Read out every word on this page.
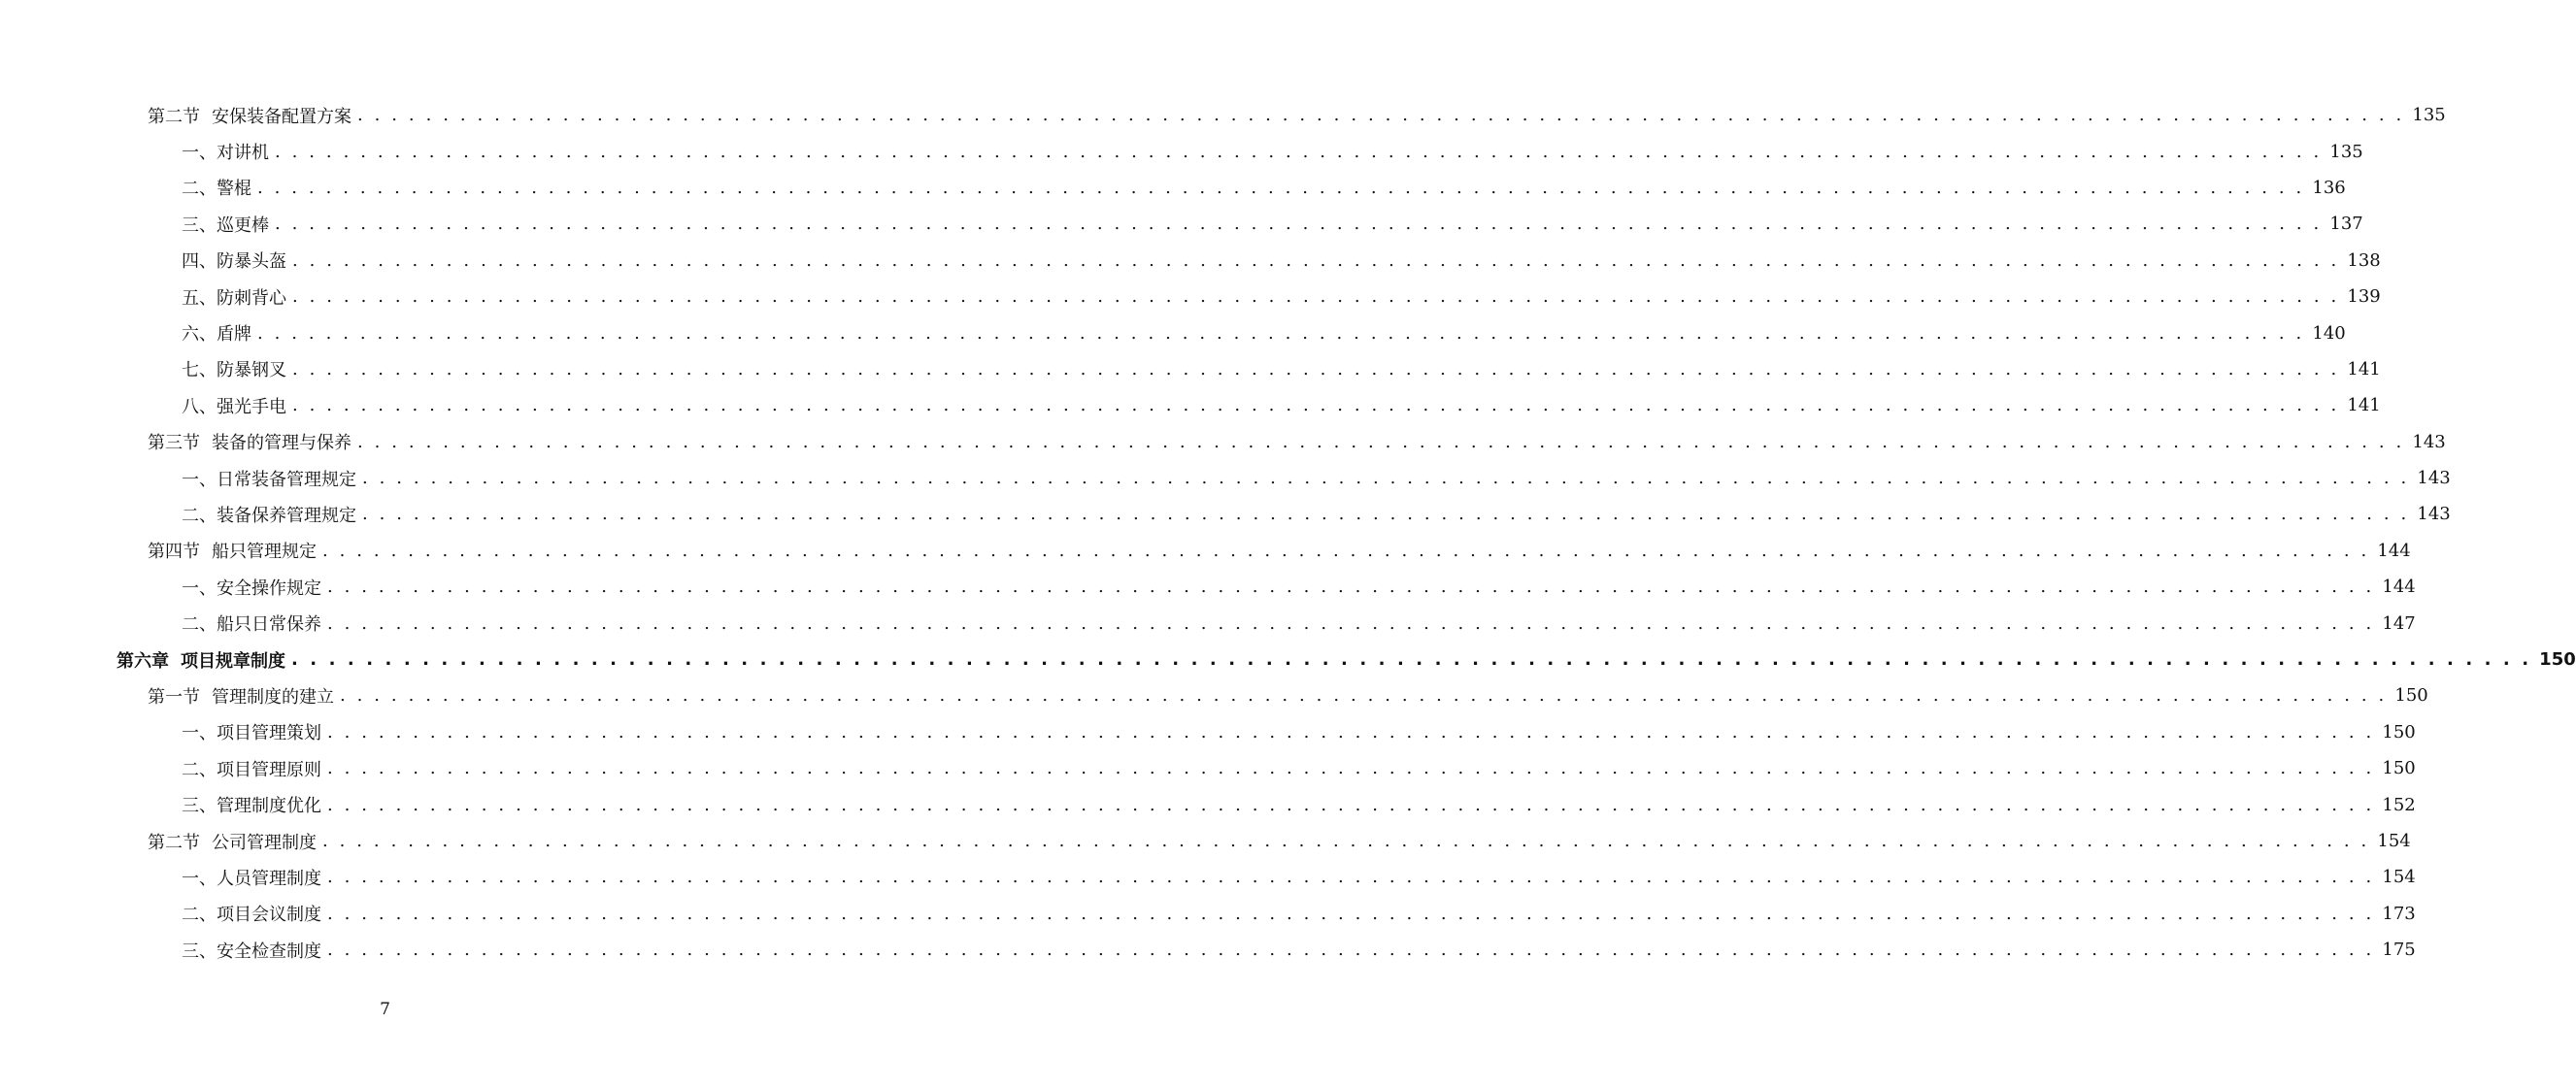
第二节 安保装备配置方案 . . . . . . . . . . . . . . . . . . . . . . . . . . . . . . . . . . . . . . . . . . . . . . . . . . . . . . . . . . . . . . . . . . . . . . . . . . . . . . . . . . . . . . . . . . . . . . . . . . . . . . . . . . . . . . . . . . . . . . . . 135
一、对讲机 . . . . . . . . . . . . . . . . . . . . . . . . . . . . . . . . . . . . . . . . . . . . . . . . . . . . . . . . . . . . . . . . . . . . . . . . . . . . . . . . . . . . . . . . . . . . . . . . . . . . . . . . . . . . . . . . . . . . . . . . 135
二、警棍 . . . . . . . . . . . . . . . . . . . . . . . . . . . . . . . . . . . . . . . . . . . . . . . . . . . . . . . . . . . . . . . . . . . . . . . . . . . . . . . . . . . . . . . . . . . . . . . . . . . . . . . . . . . . . . . . . . . . . . . . 136
三、巡更棒 . . . . . . . . . . . . . . . . . . . . . . . . . . . . . . . . . . . . . . . . . . . . . . . . . . . . . . . . . . . . . . . . . . . . . . . . . . . . . . . . . . . . . . . . . . . . . . . . . . . . . . . . . . . . . . . . . . . . . . . . 137
四、防暴头盔 . . . . . . . . . . . . . . . . . . . . . . . . . . . . . . . . . . . . . . . . . . . . . . . . . . . . . . . . . . . . . . . . . . . . . . . . . . . . . . . . . . . . . . . . . . . . . . . . . . . . . . . . . . . . . . . . . . . . . . . . 138
五、防刺背心 . . . . . . . . . . . . . . . . . . . . . . . . . . . . . . . . . . . . . . . . . . . . . . . . . . . . . . . . . . . . . . . . . . . . . . . . . . . . . . . . . . . . . . . . . . . . . . . . . . . . . . . . . . . . . . . . . . . . . . . . 139
六、盾牌 . . . . . . . . . . . . . . . . . . . . . . . . . . . . . . . . . . . . . . . . . . . . . . . . . . . . . . . . . . . . . . . . . . . . . . . . . . . . . . . . . . . . . . . . . . . . . . . . . . . . . . . . . . . . . . . . . . . . . . . . 140
七、防暴钢叉 . . . . . . . . . . . . . . . . . . . . . . . . . . . . . . . . . . . . . . . . . . . . . . . . . . . . . . . . . . . . . . . . . . . . . . . . . . . . . . . . . . . . . . . . . . . . . . . . . . . . . . . . . . . . . . . . . . . . . . . . 141
八、强光手电 . . . . . . . . . . . . . . . . . . . . . . . . . . . . . . . . . . . . . . . . . . . . . . . . . . . . . . . . . . . . . . . . . . . . . . . . . . . . . . . . . . . . . . . . . . . . . . . . . . . . . . . . . . . . . . . . . . . . . . . . 141
第三节 装备的管理与保养 . . . . . . . . . . . . . . . . . . . . . . . . . . . . . . . . . . . . . . . . . . . . . . . . . . . . . . . . . . . . . . . . . . . . . . . . . . . . . . . . . . . . . . . . . . . . . . . . . . . . . . . . . . . . . . . . . . . . . . . . 143
一、日常装备管理规定 . . . . . . . . . . . . . . . . . . . . . . . . . . . . . . . . . . . . . . . . . . . . . . . . . . . . . . . . . . . . . . . . . . . . . . . . . . . . . . . . . . . . . . . . . . . . . . . . . . . . . . . . . . . . . . . . . . . . . . . . 143
二、装备保养管理规定 . . . . . . . . . . . . . . . . . . . . . . . . . . . . . . . . . . . . . . . . . . . . . . . . . . . . . . . . . . . . . . . . . . . . . . . . . . . . . . . . . . . . . . . . . . . . . . . . . . . . . . . . . . . . . . . . . . . . . . . . 143
第四节 船只管理规定 . . . . . . . . . . . . . . . . . . . . . . . . . . . . . . . . . . . . . . . . . . . . . . . . . . . . . . . . . . . . . . . . . . . . . . . . . . . . . . . . . . . . . . . . . . . . . . . . . . . . . . . . . . . . . . . . . . . . . . . . 144
一、安全操作规定 . . . . . . . . . . . . . . . . . . . . . . . . . . . . . . . . . . . . . . . . . . . . . . . . . . . . . . . . . . . . . . . . . . . . . . . . . . . . . . . . . . . . . . . . . . . . . . . . . . . . . . . . . . . . . . . . . . . . . . . . 144
二、船只日常保养 . . . . . . . . . . . . . . . . . . . . . . . . . . . . . . . . . . . . . . . . . . . . . . . . . . . . . . . . . . . . . . . . . . . . . . . . . . . . . . . . . . . . . . . . . . . . . . . . . . . . . . . . . . . . . . . . . . . . . . . . 147
第六章 项目规章制度 . . . . . . . . . . . . . . . . . . . . . . . . . . . . . . . . . . . . . . . . . . . . . . . . . . . . . . . . . . . . . . . . . . . . . . . . . . . . . . . . . . . . . . . . . . . . . . . . . . . . . . . . . . . . . . . . . . . . . . . . 150
第一节 管理制度的建立 . . . . . . . . . . . . . . . . . . . . . . . . . . . . . . . . . . . . . . . . . . . . . . . . . . . . . . . . . . . . . . . . . . . . . . . . . . . . . . . . . . . . . . . . . . . . . . . . . . . . . . . . . . . . . . . . . . . . . . . . 150
一、项目管理策划 . . . . . . . . . . . . . . . . . . . . . . . . . . . . . . . . . . . . . . . . . . . . . . . . . . . . . . . . . . . . . . . . . . . . . . . . . . . . . . . . . . . . . . . . . . . . . . . . . . . . . . . . . . . . . . . . . . . . . . . . 150
二、项目管理原则 . . . . . . . . . . . . . . . . . . . . . . . . . . . . . . . . . . . . . . . . . . . . . . . . . . . . . . . . . . . . . . . . . . . . . . . . . . . . . . . . . . . . . . . . . . . . . . . . . . . . . . . . . . . . . . . . . . . . . . . . 150
三、管理制度优化 . . . . . . . . . . . . . . . . . . . . . . . . . . . . . . . . . . . . . . . . . . . . . . . . . . . . . . . . . . . . . . . . . . . . . . . . . . . . . . . . . . . . . . . . . . . . . . . . . . . . . . . . . . . . . . . . . . . . . . . . 152
第二节 公司管理制度 . . . . . . . . . . . . . . . . . . . . . . . . . . . . . . . . . . . . . . . . . . . . . . . . . . . . . . . . . . . . . . . . . . . . . . . . . . . . . . . . . . . . . . . . . . . . . . . . . . . . . . . . . . . . . . . . . . . . . . . . 154
一、人员管理制度 . . . . . . . . . . . . . . . . . . . . . . . . . . . . . . . . . . . . . . . . . . . . . . . . . . . . . . . . . . . . . . . . . . . . . . . . . . . . . . . . . . . . . . . . . . . . . . . . . . . . . . . . . . . . . . . . . . . . . . . . 154
二、项目会议制度 . . . . . . . . . . . . . . . . . . . . . . . . . . . . . . . . . . . . . . . . . . . . . . . . . . . . . . . . . . . . . . . . . . . . . . . . . . . . . . . . . . . . . . . . . . . . . . . . . . . . . . . . . . . . . . . . . . . . . . . . 173
三、安全检查制度 . . . . . . . . . . . . . . . . . . . . . . . . . . . . . . . . . . . . . . . . . . . . . . . . . . . . . . . . . . . . . . . . . . . . . . . . . . . . . . . . . . . . . . . . . . . . . . . . . . . . . . . . . . . . . . . . . . . . . . . . 175
7
